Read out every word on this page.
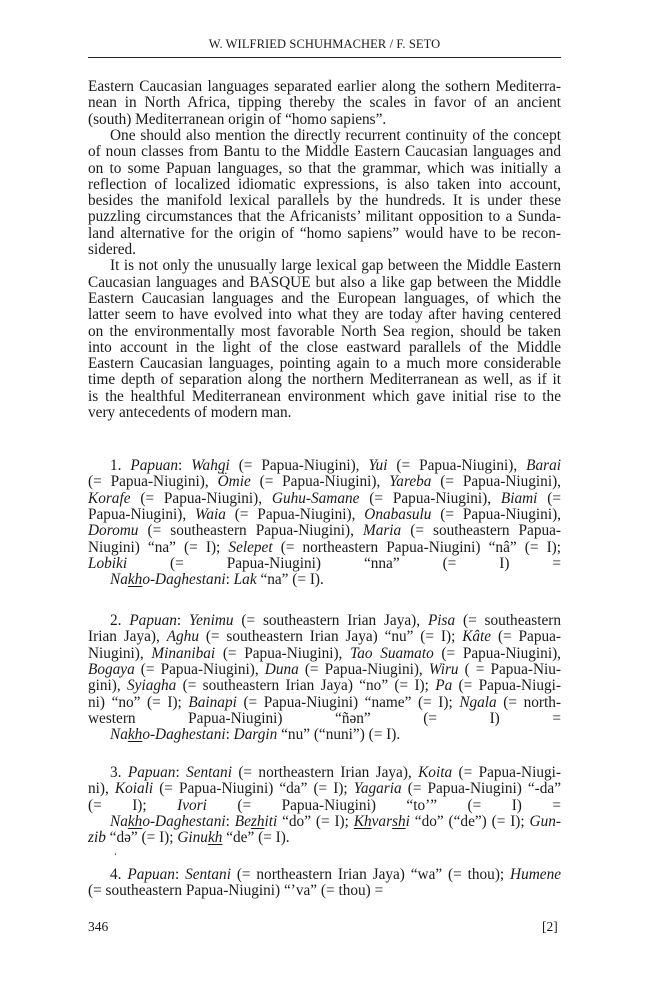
W. WILFRIED SCHUHMACHER / F. SETO
Eastern Caucasian languages separated earlier along the sothern Mediterra-
nean in North Africa, tipping thereby the scales in favor of an ancient
(south) Mediterranean origin of “homo sapiens”.
One should also mention the directly recurrent continuity of the concept
of noun classes from Bantu to the Middle Eastern Caucasian languages and
on to some Papuan languages, so that the grammar, which was initially a
reflection of localized idiomatic expressions, is also taken into account,
besides the manifold lexical parallels by the hundreds. It is under these
puzzling circumstances that the Africanists’ militant opposition to a Sunda-
land alternative for the origin of “homo sapiens” would have to be recon-
sidered.
It is not only the unusually large lexical gap between the Middle Eastern
Caucasian languages and BASQUE but also a like gap between the Middle
Eastern Caucasian languages and the European languages, of which the
latter seem to have evolved into what they are today after having centered
on the environmentally most favorable North Sea region, should be taken
into account in the light of the close eastward parallels of the Middle
Eastern Caucasian languages, pointing again to a much more considerable
time depth of separation along the northern Mediterranean as well, as if it
is the healthful Mediterranean environment which gave initial rise to the
very antecedents of modern man.
1. Papuan: Wahgi (= Papua-Niugini), Yui (= Papua-Niugini), Barai
(= Papua-Niugini), Ömie (= Papua-Niugini), Yareba (= Papua-Niugini),
Korafe (= Papua-Niugini), Guhu-Samane (= Papua-Niugini), Biami (=
Papua-Niugini), Waia (= Papua-Niugini), Onabasulu (= Papua-Niugini),
Doromu (= southeastern Papua-Niugini), Maria (= southeastern Papua-
Niugini) “na” (= I); Selepet (= northeastern Papua-Niugini) “nâ” (= I);
Lobiki (= Papua-Niugini) “nna” (= I) =
Nakho-Daghestani: Lak “na” (= I).
2. Papuan: Yenimu (= southeastern Irian Jaya), Pisa (= southeastern
Irian Jaya), Aghu (= southeastern Irian Jaya) “nu” (= I); Kâte (= Papua-
Niugini), Minanibai (= Papua-Niugini), Tao Suamato (= Papua-Niugini),
Bogaya (= Papua-Niugini), Duna (= Papua-Niugini), Wiru ( = Papua-Niu-
gini), Syiagha (= southeastern Irian Jaya) “no” (= I); Pa (= Papua-Niugi-
ni) “no” (= I); Bainapi (= Papua-Niugini) “name” (= I); Ngala (= north-
western Papua-Niugini) “ñən” (= I) =
Nakho-Daghestani: Dargin “nu” (“nuni”) (= I).
3. Papuan: Sentani (= northeastern Irian Jaya), Koita (= Papua-Niugi-
ni), Koiali (= Papua-Niugini) “da” (= I); Yagaria (= Papua-Niugini) “-da”
(= I); Ivori (= Papua-Niugini) “to’” (= I) =
Nakho-Daghestani: Bezhiti “do” (= I); Khvarshi “do” (“de”) (= I); Gun-
zib “də” (= I); Ginukh “de” (= I).
4. Papuan: Sentani (= northeastern Irian Jaya) “wa” (= thou); Humene
(= southeastern Papua-Niugini) “’va” (= thou) =
‘
346	[2]
